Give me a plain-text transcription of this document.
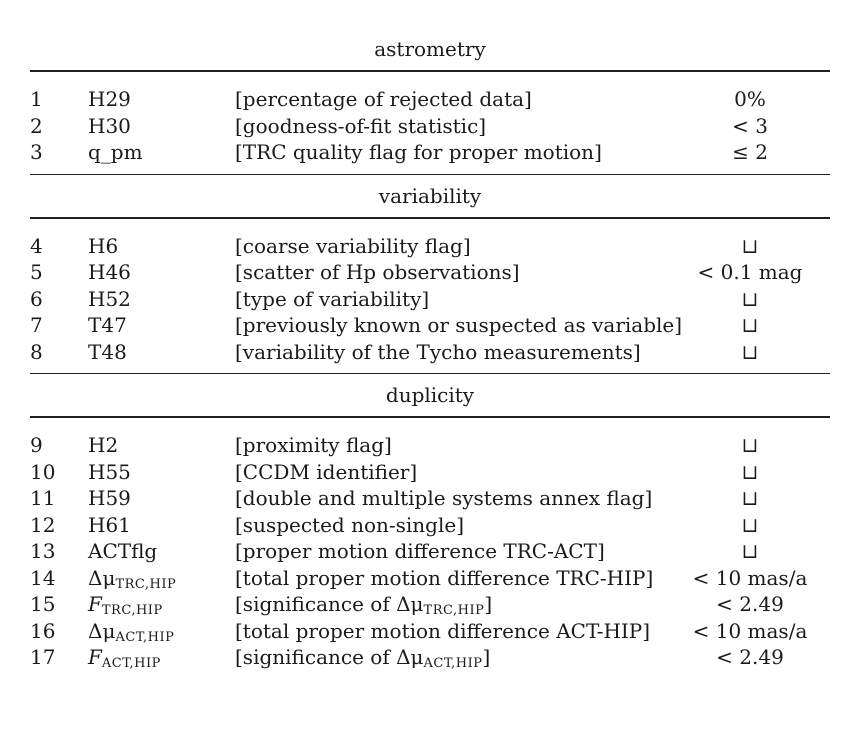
astrometry
1	H29	[percentage of rejected data]	0%
2	H30	[goodness-of-fit statistic]	< 3
3	q_pm	[TRC quality flag for proper motion]	≤ 2
variability
4	H6	[coarse variability flag]	⊔
5	H46	[scatter of Hp observations]	< 0.1 mag
6	H52	[type of variability]	⊔
7	T47	[previously known or suspected as variable]	⊔
8	T48	[variability of the Tycho measurements]	⊔
duplicity
9	H2	[proximity flag]	⊔
10	H55	[CCDM identifier]	⊔
11	H59	[double and multiple systems annex flag]	⊔
12	H61	[suspected non-single]	⊔
13	ACTflg	[proper motion difference TRC-ACT]	⊔
14	$\Delta\mu_{TRC,HIP}$	[total proper motion difference TRC-HIP]	< 10 mas/a
15	$F_{TRC,HIP}$	[significance of $\Delta\mu_{TRC,HIP}$]	< 2.49
16	$\Delta\mu_{ACT,HIP}$	[total proper motion difference ACT-HIP]	< 10 mas/a
17	$F_{ACT,HIP}$	[significance of $\Delta\mu_{ACT,HIP}$]	< 2.49
